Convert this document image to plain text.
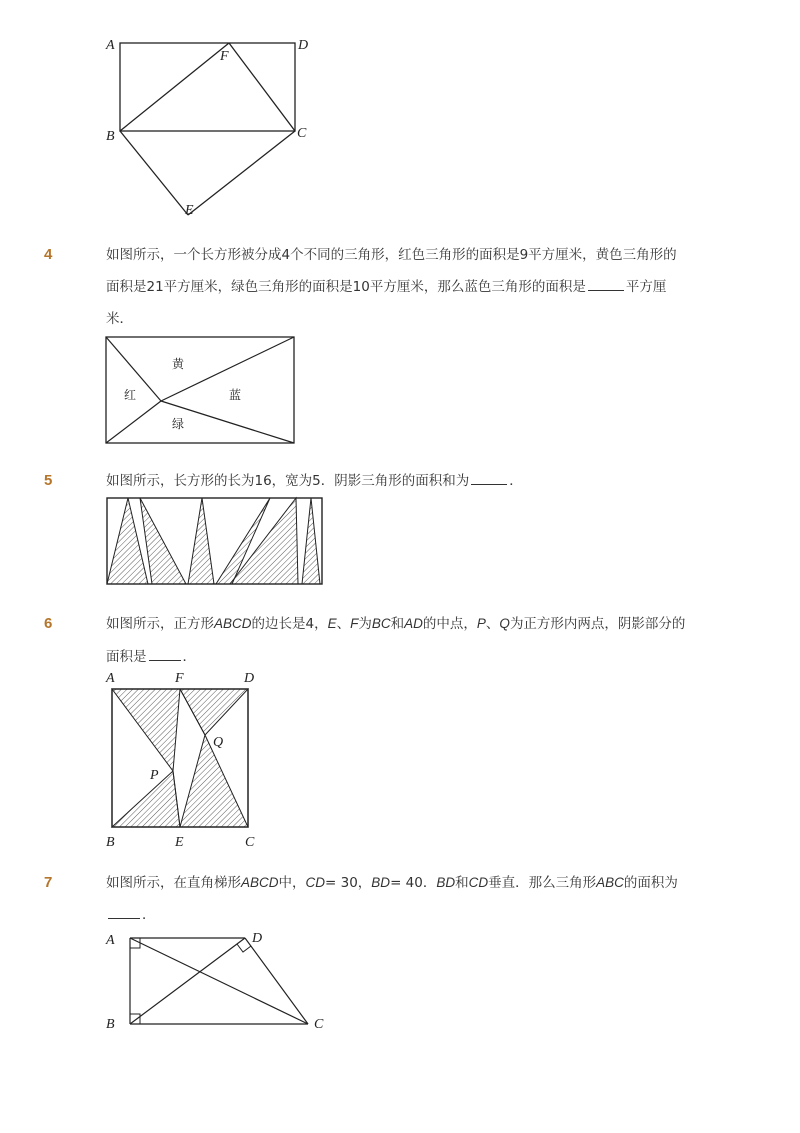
A	D
F
B	C
E
4	如图所示，一个长方形被分成4个不同的三角形，红色三角形的面积是9平方厘米，黄色三角形的
面积是21平方厘米，绿色三角形的面积是10平方厘米，那么蓝色三角形的面积是	平方厘
米．
黄
红	蓝
绿
5	如图所示，长方形的长为16，宽为5．阴影三角形的面积和为	．
6	如图所示，正方形ABCD的边长是4，E、F为BC和AD的中点，P、Q为正方形内两点，阴影部分的
面积是	．
A	F	D
Q
P
B	E	C
7	如图所示，在直角梯形ABCD中，CD= 30，BD= 40．BD和CD垂直．那么三角形ABC的面积为
．
A	D
B	C
